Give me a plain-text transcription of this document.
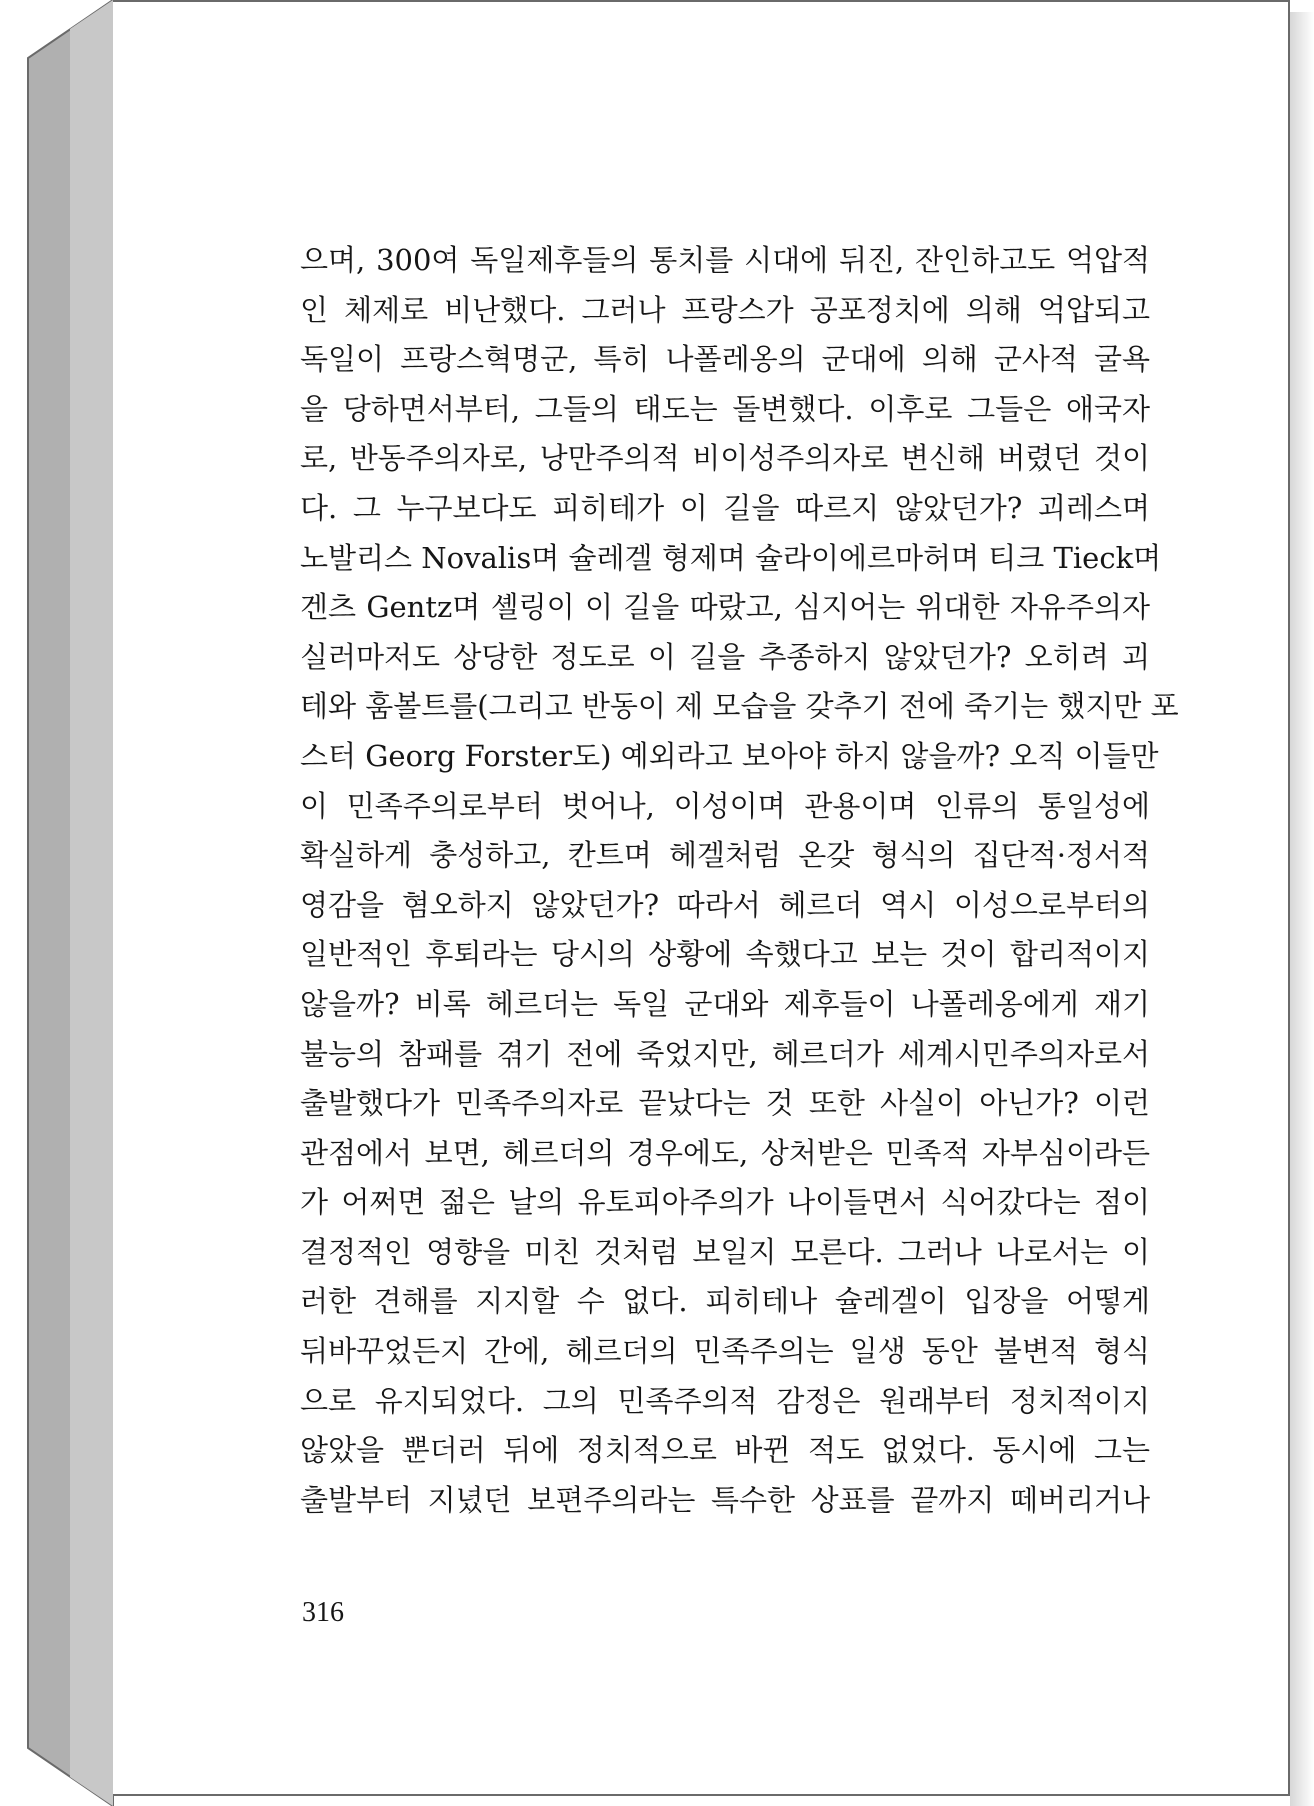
으며, 300여 독일제후들의 통치를 시대에 뒤진, 잔인하고도 억압적
인 체제로 비난했다. 그러나 프랑스가 공포정치에 의해 억압되고
독일이 프랑스혁명군, 특히 나폴레옹의 군대에 의해 군사적 굴욕
을 당하면서부터, 그들의 태도는 돌변했다. 이후로 그들은 애국자
로, 반동주의자로, 낭만주의적 비이성주의자로 변신해 버렸던 것이
다. 그 누구보다도 피히테가 이 길을 따르지 않았던가? 괴레스며
노발리스 Novalis며 슐레겔 형제며 슐라이에르마허며 티크 Tieck며
겐츠 Gentz며 셸링이 이 길을 따랐고, 심지어는 위대한 자유주의자
실러마저도 상당한 정도로 이 길을 추종하지 않았던가? 오히려 괴
테와 훔볼트를(그리고 반동이 제 모습을 갖추기 전에 죽기는 했지만 포
스터 Georg Forster도) 예외라고 보아야 하지 않을까? 오직 이들만
이 민족주의로부터 벗어나, 이성이며 관용이며 인류의 통일성에
확실하게 충성하고, 칸트며 헤겔처럼 온갖 형식의 집단적·정서적
영감을 혐오하지 않았던가? 따라서 헤르더 역시 이성으로부터의
일반적인 후퇴라는 당시의 상황에 속했다고 보는 것이 합리적이지
않을까? 비록 헤르더는 독일 군대와 제후들이 나폴레옹에게 재기
불능의 참패를 겪기 전에 죽었지만, 헤르더가 세계시민주의자로서
출발했다가 민족주의자로 끝났다는 것 또한 사실이 아닌가? 이런
관점에서 보면, 헤르더의 경우에도, 상처받은 민족적 자부심이라든
가 어쩌면 젊은 날의 유토피아주의가 나이들면서 식어갔다는 점이
결정적인 영향을 미친 것처럼 보일지 모른다. 그러나 나로서는 이
러한 견해를 지지할 수 없다. 피히테나 슐레겔이 입장을 어떻게
뒤바꾸었든지 간에, 헤르더의 민족주의는 일생 동안 불변적 형식
으로 유지되었다. 그의 민족주의적 감정은 원래부터 정치적이지
않았을 뿐더러 뒤에 정치적으로 바뀐 적도 없었다. 동시에 그는
출발부터 지녔던 보편주의라는 특수한 상표를 끝까지 떼버리거나
316
